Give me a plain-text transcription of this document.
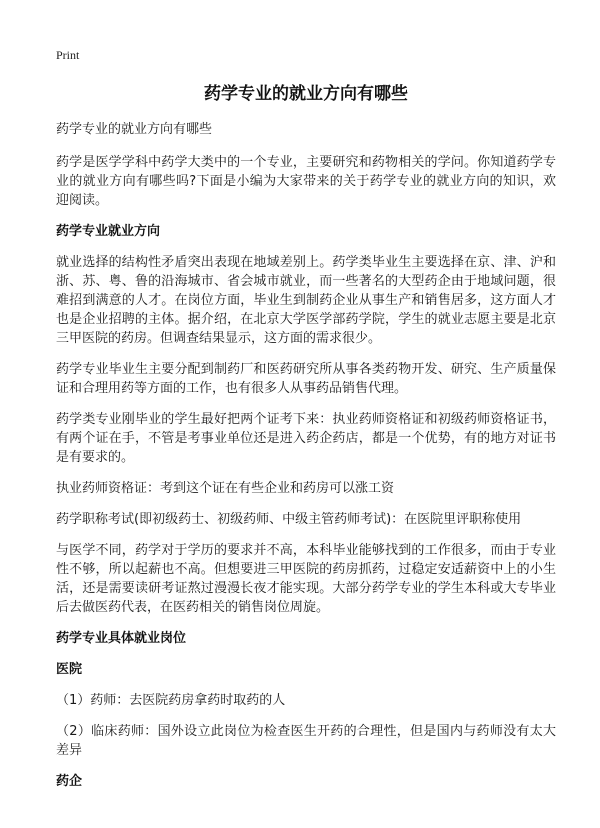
Print
药学专业的就业方向有哪些

药学专业的就业方向有哪些

药学是医学学科中药学大类中的一个专业，主要研究和药物相关的学问。你知道药学专业的就业方向有哪些吗?下面是小编为大家带来的关于药学专业的就业方向的知识，欢迎阅读。

药学专业就业方向

就业选择的结构性矛盾突出表现在地域差别上。药学类毕业生主要选择在京、津、沪和浙、苏、粤、鲁的沿海城市、省会城市就业，而一些著名的大型药企由于地域问题，很难招到满意的人才。在岗位方面，毕业生到制药企业从事生产和销售居多，这方面人才也是企业招聘的主体。据介绍，在北京大学医学部药学院，学生的就业志愿主要是北京三甲医院的药房。但调查结果显示，这方面的需求很少。

药学专业毕业生主要分配到制药厂和医药研究所从事各类药物开发、研究、生产质量保证和合理用药等方面的工作，也有很多人从事药品销售代理。

药学类专业刚毕业的学生最好把两个证考下来：执业药师资格证和初级药师资格证书，有两个证在手，不管是考事业单位还是进入药企药店，都是一个优势，有的地方对证书是有要求的。

执业药师资格证：考到这个证在有些企业和药房可以涨工资

药学职称考试(即初级药士、初级药师、中级主管药师考试)：在医院里评职称使用

与医学不同，药学对于学历的要求并不高，本科毕业能够找到的工作很多，而由于专业性不够，所以起薪也不高。但想要进三甲医院的药房抓药，过稳定安适薪资中上的小生活，还是需要读研考证熬过漫漫长夜才能实现。大部分药学专业的学生本科或大专毕业后去做医药代表，在医药相关的销售岗位周旋。

药学专业具体就业岗位
医院

（1）药师：去医院药房拿药时取药的人

（2）临床药师：国外设立此岗位为检查医生开药的合理性，但是国内与药师没有太大差异

药企
